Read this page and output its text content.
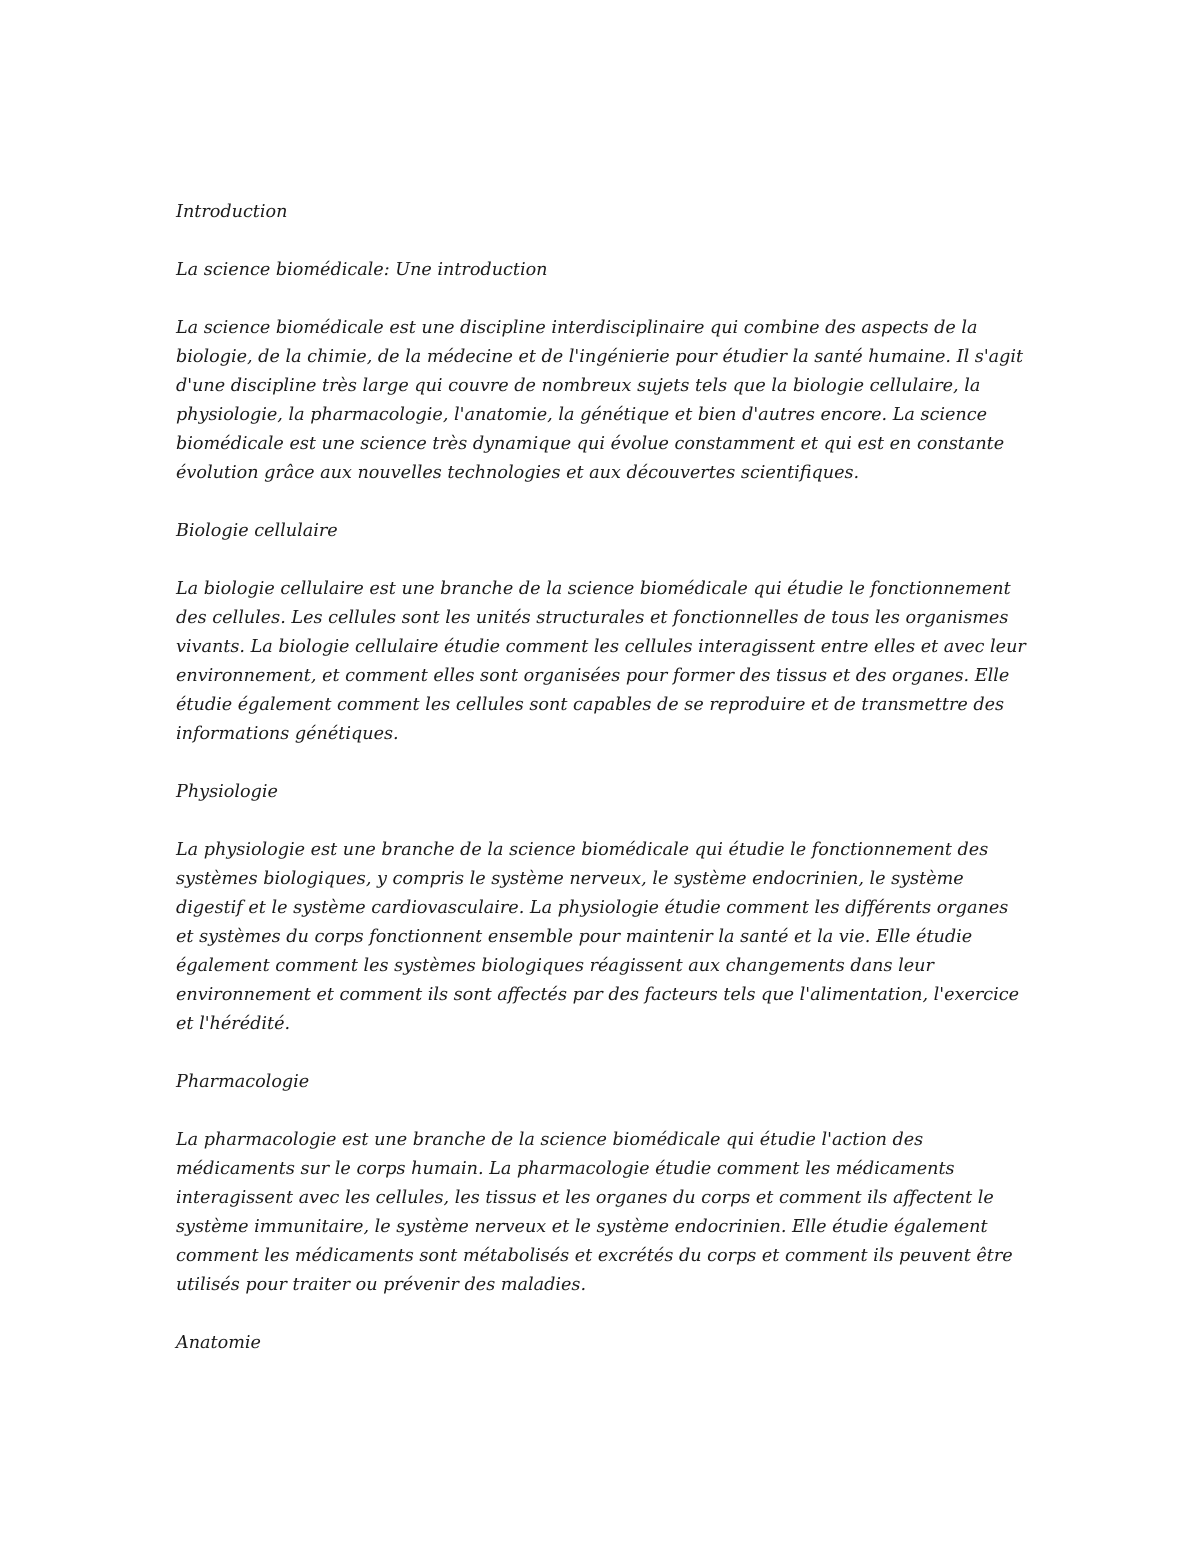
Introduction

La science biomédicale: Une introduction

La science biomédicale est une discipline interdisciplinaire qui combine des aspects de la biologie, de la chimie, de la médecine et de l'ingénierie pour étudier la santé humaine. Il s'agit d'une discipline très large qui couvre de nombreux sujets tels que la biologie cellulaire, la physiologie, la pharmacologie, l'anatomie, la génétique et bien d'autres encore. La science biomédicale est une science très dynamique qui évolue constamment et qui est en constante évolution grâce aux nouvelles technologies et aux découvertes scientifiques.

Biologie cellulaire

La biologie cellulaire est une branche de la science biomédicale qui étudie le fonctionnement des cellules. Les cellules sont les unités structurales et fonctionnelles de tous les organismes vivants. La biologie cellulaire étudie comment les cellules interagissent entre elles et avec leur environnement, et comment elles sont organisées pour former des tissus et des organes. Elle étudie également comment les cellules sont capables de se reproduire et de transmettre des informations génétiques.

Physiologie

La physiologie est une branche de la science biomédicale qui étudie le fonctionnement des systèmes biologiques, y compris le système nerveux, le système endocrinien, le système digestif et le système cardiovasculaire. La physiologie étudie comment les différents organes et systèmes du corps fonctionnent ensemble pour maintenir la santé et la vie. Elle étudie également comment les systèmes biologiques réagissent aux changements dans leur environnement et comment ils sont affectés par des facteurs tels que l'alimentation, l'exercice et l'hérédité.

Pharmacologie

La pharmacologie est une branche de la science biomédicale qui étudie l'action des médicaments sur le corps humain. La pharmacologie étudie comment les médicaments interagissent avec les cellules, les tissus et les organes du corps et comment ils affectent le système immunitaire, le système nerveux et le système endocrinien. Elle étudie également comment les médicaments sont métabolisés et excrétés du corps et comment ils peuvent être utilisés pour traiter ou prévenir des maladies.

Anatomie
